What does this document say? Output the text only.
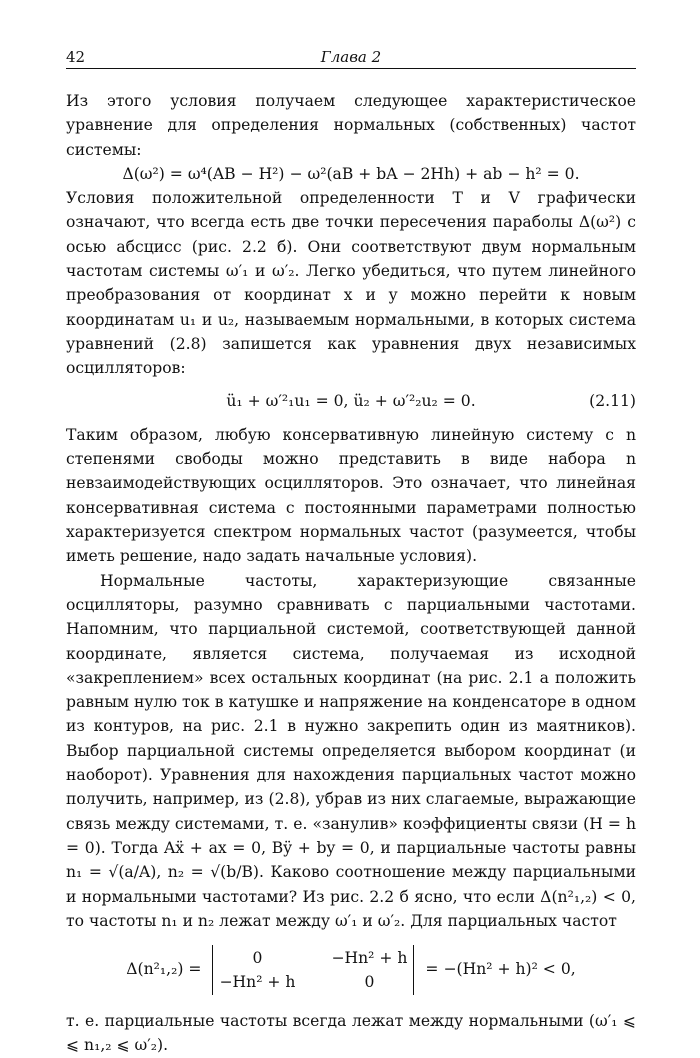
42	Глава 2

Из этого условия получаем следующее характеристическое уравнение для определения нормальных (собственных) частот системы:

Δ(ω²) = ω⁴(AB − H²) − ω²(aB + bA − 2Hh) + ab − h² = 0.

Условия положительной определенности T и V графически означают, что всегда есть две точки пересечения параболы Δ(ω²) с осью абсцисс (рис. 2.2 б). Они соответствуют двум нормальным частотам системы ω′₁ и ω′₂. Легко убедиться, что путем линейного преобразования от координат x и y можно перейти к новым координатам u₁ и u₂, называемым нормальными, в которых система уравнений (2.8) запишется как уравнения двух независимых осцилляторов:

ü₁ + ω′²₁u₁ = 0, ü₂ + ω′²₂u₂ = 0.	(2.11)

Таким образом, любую консервативную линейную систему с n степенями свободы можно представить в виде набора n невзаимодействующих осцилляторов. Это означает, что линейная консервативная система с постоянными параметрами полностью характеризуется спектром нормальных частот (разумеется, чтобы иметь решение, надо задать начальные условия).

Нормальные частоты, характеризующие связанные осцилляторы, разумно сравнивать с парциальными частотами. Напомним, что парциальной системой, соответствующей данной координате, является система, получаемая из исходной «закреплением» всех остальных координат (на рис. 2.1 а положить равным нулю ток в катушке и напряжение на конденсаторе в одном из контуров, на рис. 2.1 в нужно закрепить один из маятников). Выбор парциальной системы определяется выбором координат (и наоборот). Уравнения для нахождения парциальных частот можно получить, например, из (2.8), убрав из них слагаемые, выражающие связь между системами, т. е. «занулив» коэффициенты связи (H = h = 0). Тогда Aẍ + ax = 0, Bÿ + by = 0, и парциальные частоты равны n₁ = √(a/A), n₂ = √(b/B). Каково соотношение между парциальными и нормальными частотами? Из рис. 2.2 б ясно, что если Δ(n²₁,₂) < 0, то частоты n₁ и n₂ лежат между ω′₁ и ω′₂. Для парциальных частот

Δ(n²₁,₂) =
0	−Hn² + h
−Hn² + h	0
= −(Hn² + h)² < 0,

т. е. парциальные частоты всегда лежат между нормальными (ω′₁ ⩽ ⩽ n₁,₂ ⩽ ω′₂).
